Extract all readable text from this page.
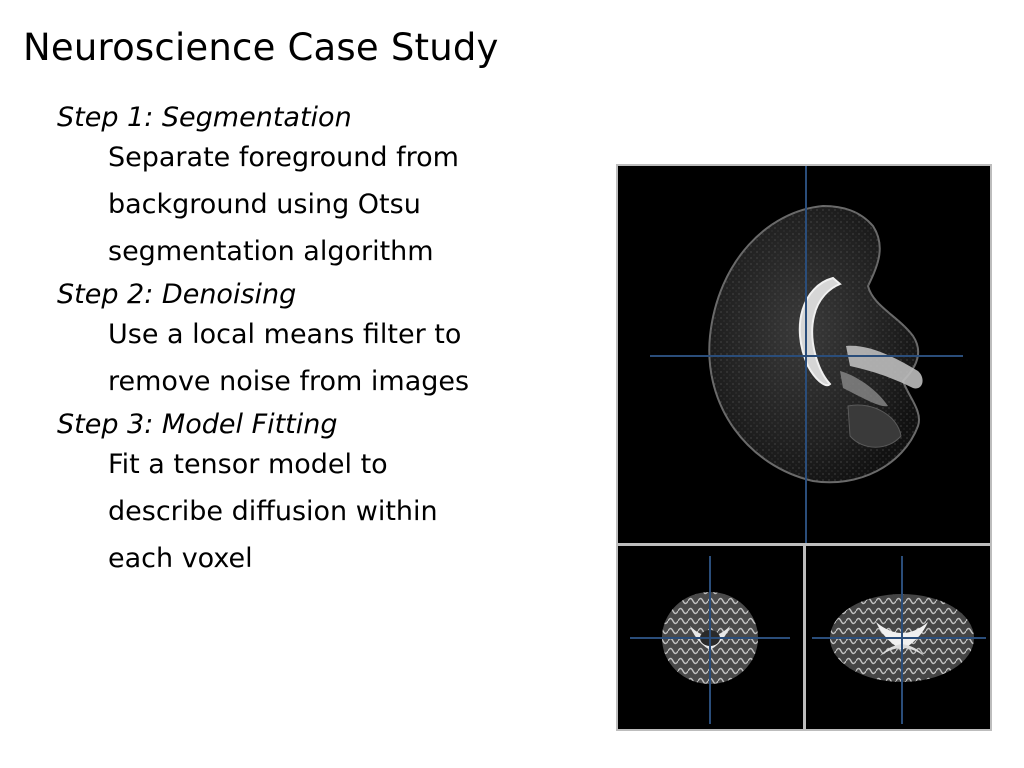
Neuroscience Case Study
Step 1: Segmentation
Separate foreground from
background using Otsu
segmentation algorithm
Step 2: Denoising
Use a local means filter to
remove noise from images
Step 3: Model Fitting
Fit a tensor model to
describe diffusion within
each voxel
